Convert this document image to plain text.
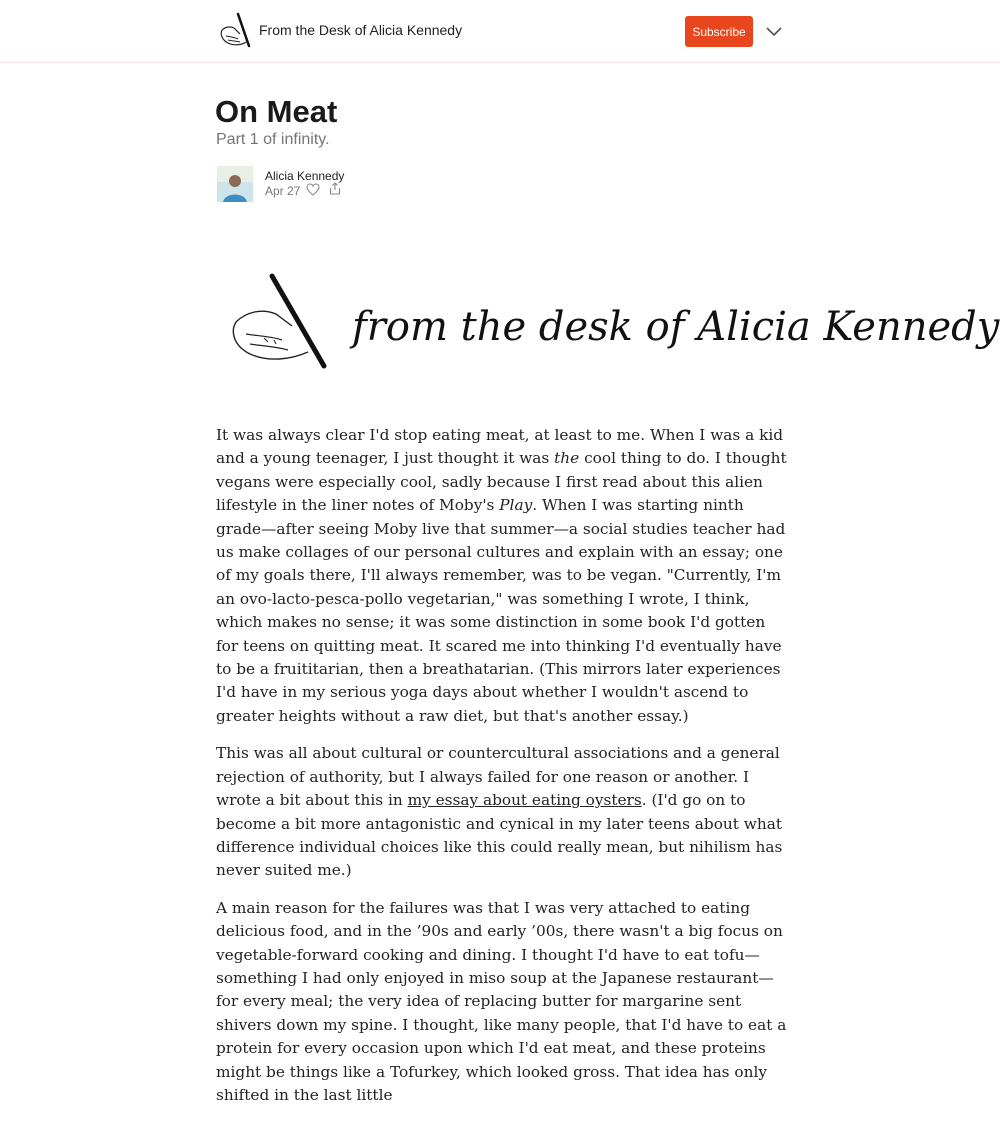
From the Desk of Alicia Kennedy	Subscribe
On Meat
Part 1 of infinity.
Alicia Kennedy
Apr 27
from the desk of Alicia Kennedy

It was always clear I'd stop eating meat, at least to me. When I was a kid and a young teenager, I just thought it was the cool thing to do. I thought vegans were especially cool, sadly because I first read about this alien lifestyle in the liner notes of Moby's Play. When I was starting ninth grade—after seeing Moby live that summer—a social studies teacher had us make collages of our personal cultures and explain with an essay; one of my goals there, I'll always remember, was to be vegan. "Currently, I'm an ovo-lacto-pesca-pollo vegetarian," was something I wrote, I think, which makes no sense; it was some distinction in some book I'd gotten for teens on quitting meat. It scared me into thinking I'd eventually have to be a fruititarian, then a breathatarian. (This mirrors later experiences I'd have in my serious yoga days about whether I wouldn't ascend to greater heights without a raw diet, but that's another essay.)

This was all about cultural or countercultural associations and a general rejection of authority, but I always failed for one reason or another. I wrote a bit about this in my essay about eating oysters. (I'd go on to become a bit more antagonistic and cynical in my later teens about what difference individual choices like this could really mean, but nihilism has never suited me.)

A main reason for the failures was that I was very attached to eating delicious food, and in the ’90s and early ’00s, there wasn't a big focus on vegetable-forward cooking and dining. I thought I'd have to eat tofu—something I had only enjoyed in miso soup at the Japanese restaurant—for every meal; the very idea of replacing butter for margarine sent shivers down my spine. I thought, like many people, that I'd have to eat a protein for every occasion upon which I'd eat meat, and these proteins might be things like a Tofurkey, which looked gross. That idea has only shifted in the last little
